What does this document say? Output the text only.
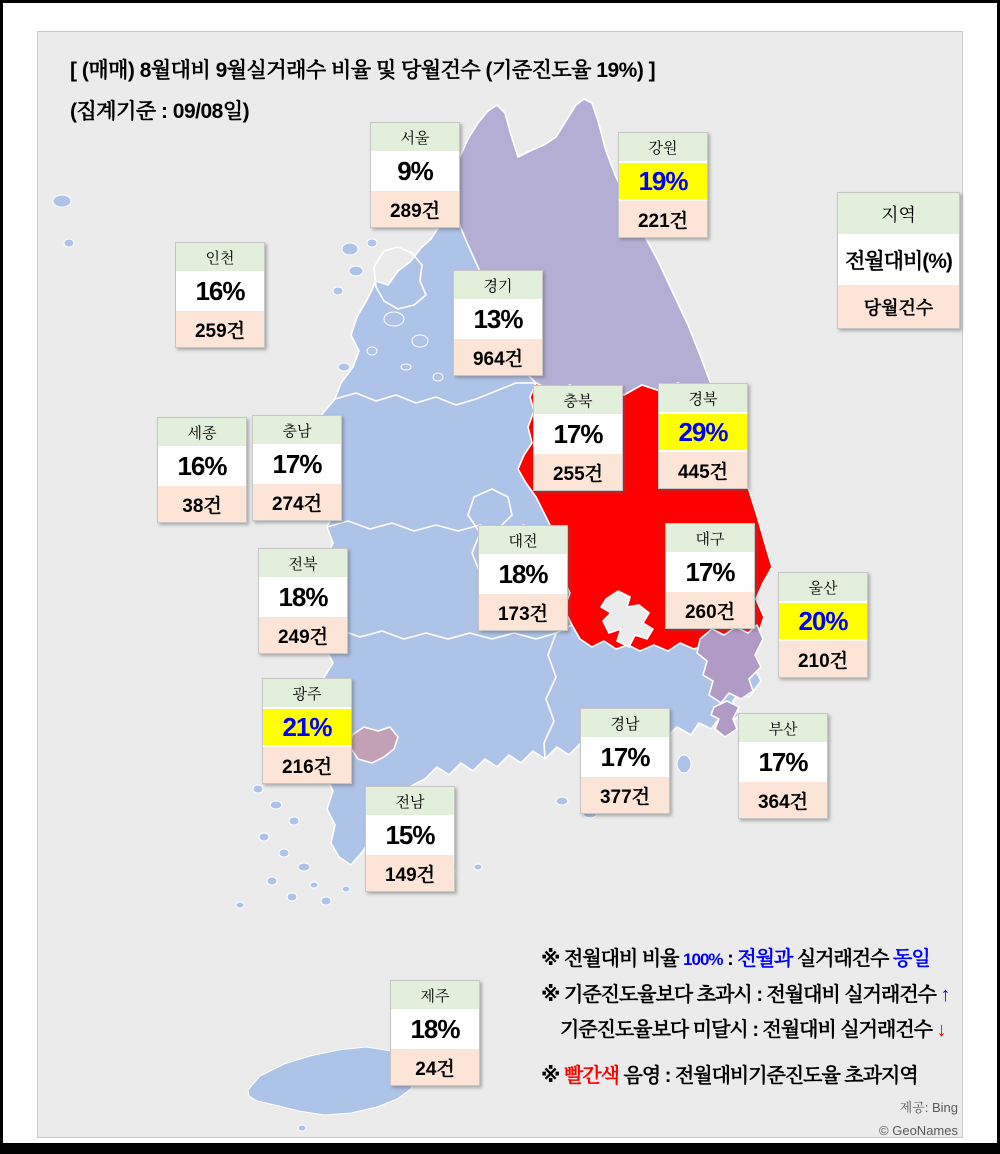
[ (매매) 8월대비 9월실거래수 비율 및 당월건수 (기준진도율 19%) ]
(집계기준 : 09/08일)
지역
전월대비(%)
당월건수
서울
9%
289건
강원
19%
221건
인천
16%
259건
경기
13%
964건
충북
17%
255건
경북
29%
445건
세종
16%
38건
충남
17%
274건
전북
18%
249건
대전
18%
173건
대구
17%
260건
울산
20%
210건
광주
21%
216건
경남
17%
377건
부산
17%
364건
전남
15%
149건
제주
18%
24건
※ 전월대비 비율 100% : 전월과 실거래건수 동일
※ 기준진도율보다 초과시 : 전월대비 실거래건수 ↑
기준진도율보다 미달시 : 전월대비 실거래건수 ↓
※ 빨간색 음영 : 전월대비기준진도율 초과지역
제공: Bing
© GeoNames
